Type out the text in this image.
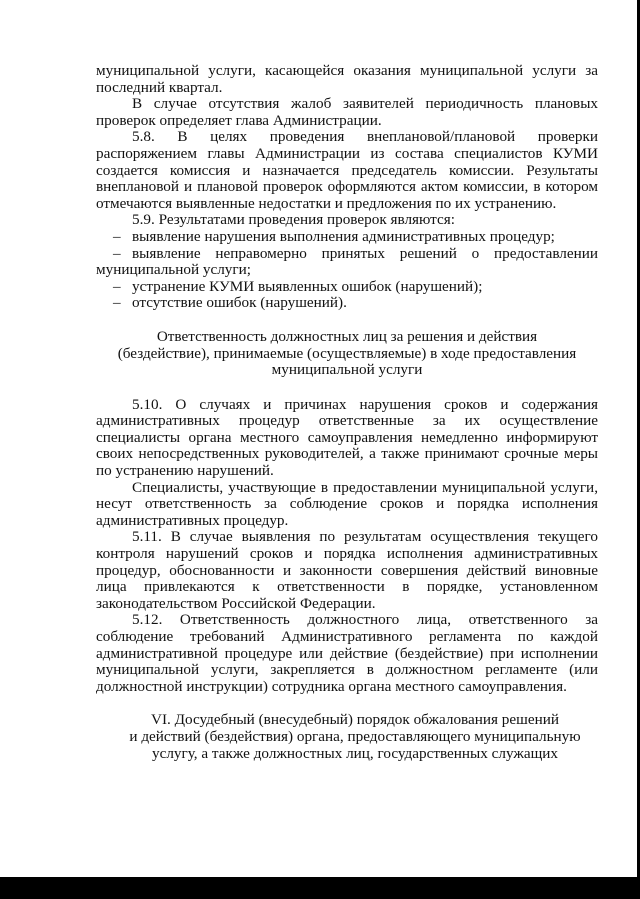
муниципальной услуги, касающейся оказания муниципальной услуги за последний квартал.

В случае отсутствия жалоб заявителей периодичность плановых проверок определяет глава Администрации.

5.8. В целях проведения внеплановой/плановой проверки распоряжением главы Администрации из состава специалистов КУМИ создается комиссия и назначается председатель комиссии. Результаты внеплановой и плановой проверок оформляются актом комиссии, в котором отмечаются выявленные недостатки и предложения по их устранению.

5.9. Результатами проведения проверок являются:

– выявление нарушения выполнения административных процедур;

– выявление неправомерно принятых решений о предоставлении муниципальной услуги;

– устранение КУМИ выявленных ошибок (нарушений);

– отсутствие ошибок (нарушений).

Ответственность должностных лиц за решения и действия

(бездействие), принимаемые (осуществляемые) в ходе предоставления

муниципальной услуги

5.10. О случаях и причинах нарушения сроков и содержания административных процедур ответственные за их осуществление специалисты органа местного самоуправления немедленно информируют своих непосредственных руководителей, а также принимают срочные меры по устранению нарушений.

Специалисты, участвующие в предоставлении муниципальной услуги, несут ответственность за соблюдение сроков и порядка исполнения административных процедур.

5.11. В случае выявления по результатам осуществления текущего контроля нарушений сроков и порядка исполнения административных процедур, обоснованности и законности совершения действий виновные лица привлекаются к ответственности в порядке, установленном законодательством Российской Федерации.

5.12. Ответственность должностного лица, ответственного за соблюдение требований Административного регламента по каждой административной процедуре или действие (бездействие) при исполнении муниципальной услуги, закрепляется в должностном регламенте (или должностной инструкции) сотрудника органа местного самоуправления.

VI. Досудебный (внесудебный) порядок обжалования решений

и действий (бездействия) органа, предоставляющего муниципальную

услугу, а также должностных лиц, государственных служащих
